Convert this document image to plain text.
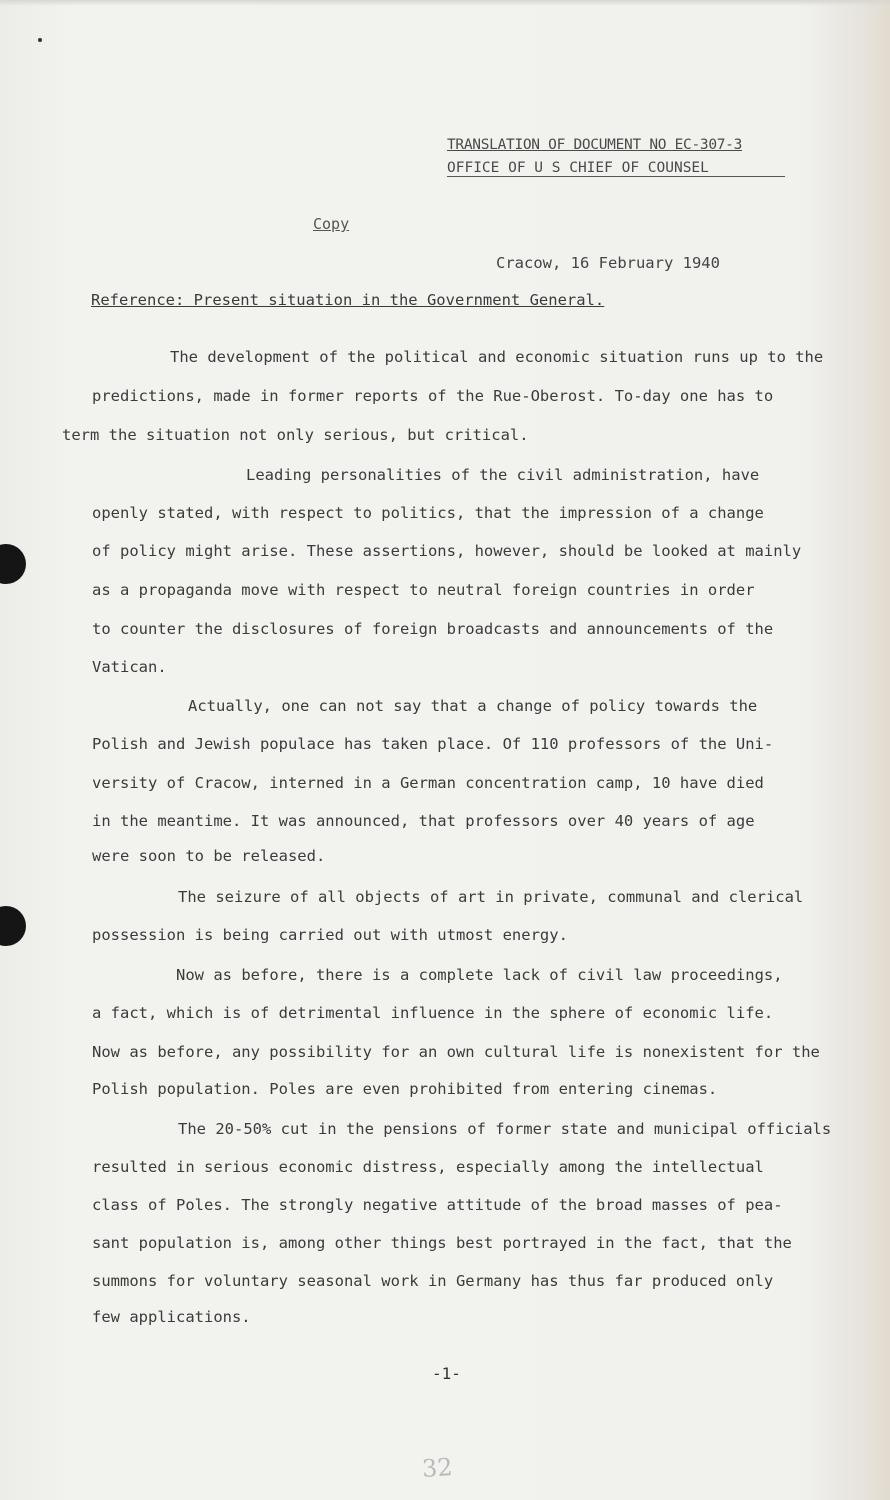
TRANSLATION OF DOCUMENT NO EC-307-3
OFFICE OF U S CHIEF OF COUNSEL
Copy
Cracow, 16 February 1940
Reference: Present situation in the Government General.
The development of the political and economic situation runs up to the
predictions, made in former reports of the Rue-Oberost. To-day one has to
term the situation not only serious, but critical.
Leading personalities of the civil administration, have
openly stated, with respect to politics, that the impression of a change
of policy might arise. These assertions, however, should be looked at mainly
as a propaganda move with respect to neutral foreign countries in order
to counter the disclosures of foreign broadcasts and announcements of the
Vatican.
Actually, one can not say that a change of policy towards the
Polish and Jewish populace has taken place. Of 110 professors of the Uni-
versity of Cracow, interned in a German concentration camp, 10 have died
in the meantime. It was announced, that professors over 40 years of age
were soon to be released.
The seizure of all objects of art in private, communal and clerical
possession is being carried out with utmost energy.
Now as before, there is a complete lack of civil law proceedings,
a fact, which is of detrimental influence in the sphere of economic life.
Now as before, any possibility for an own cultural life is nonexistent for the
Polish population. Poles are even prohibited from entering cinemas.
The 20-50% cut in the pensions of former state and municipal officials
resulted in serious economic distress, especially among the intellectual
class of Poles. The strongly negative attitude of the broad masses of pea-
sant population is, among other things best portrayed in the fact, that the
summons for voluntary seasonal work in Germany has thus far produced only
few applications.
-1-
32
